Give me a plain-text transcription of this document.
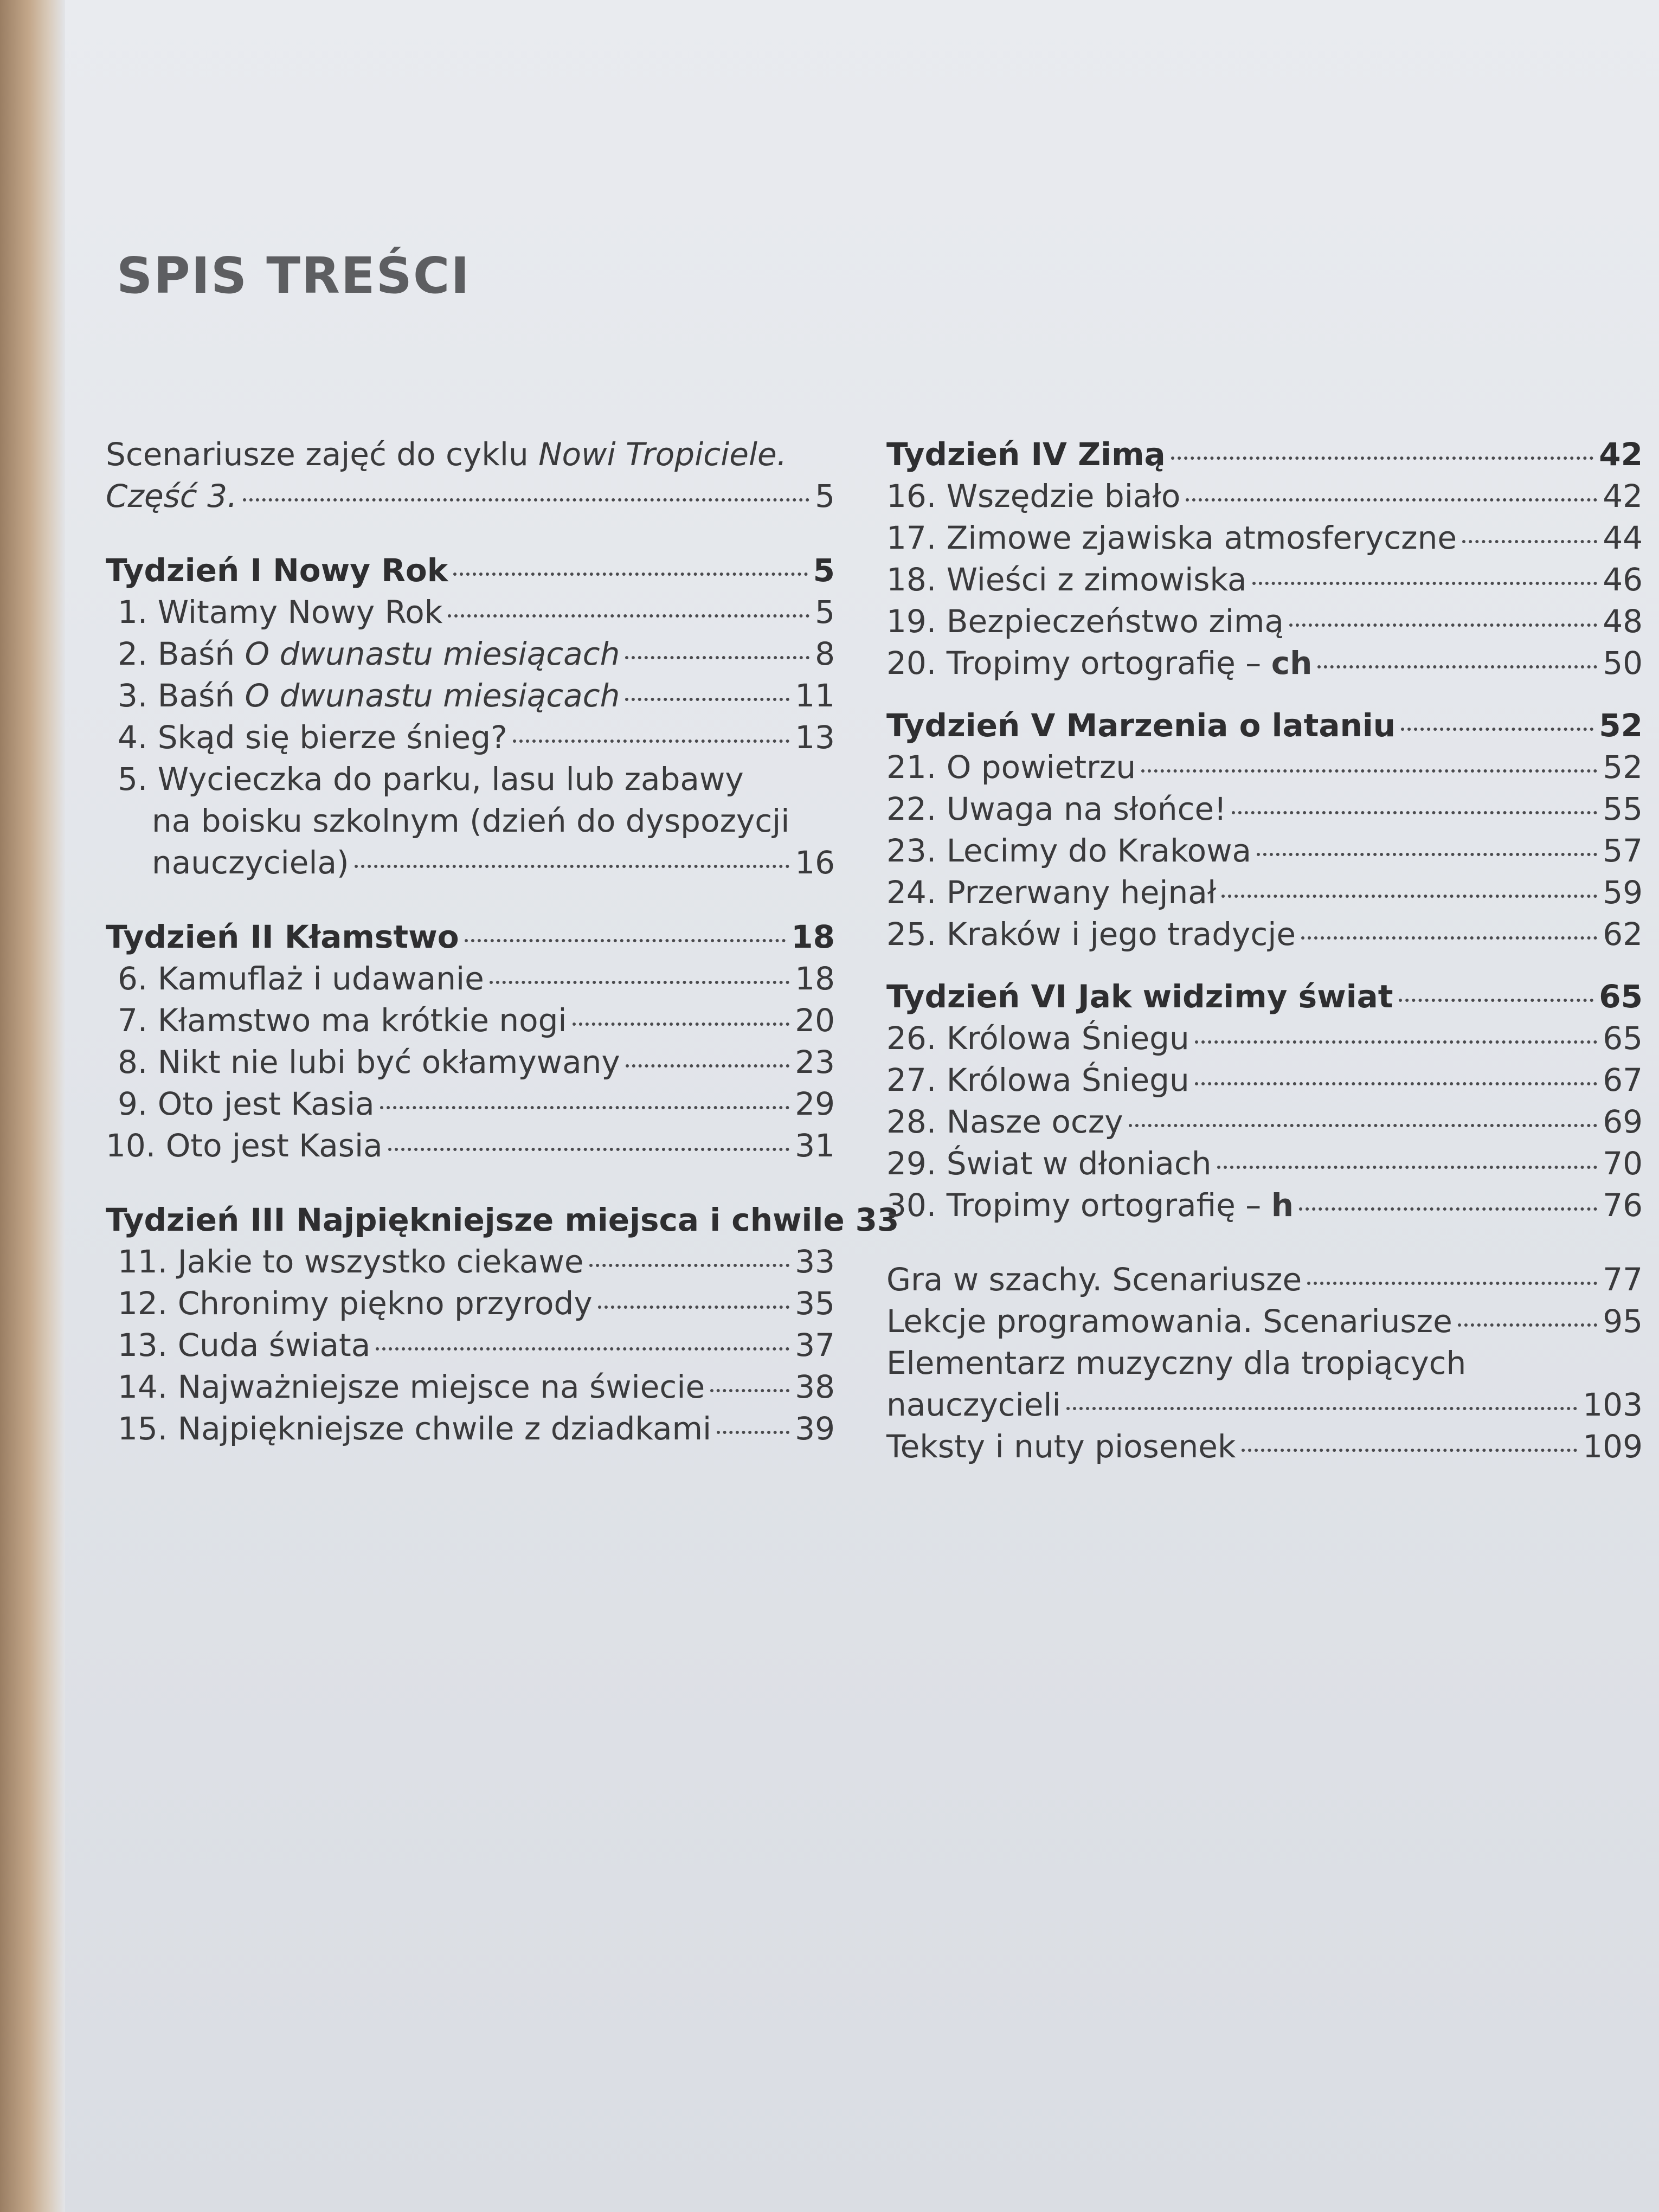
SPIS TREŚCI
Scenariusze zajęć do cyklu Nowi Tropiciele.
Część 3.	5
Tydzień I Nowy Rok	5
1. Witamy Nowy Rok	5
2. Baśń O dwunastu miesiącach	8
3. Baśń O dwunastu miesiącach	11
4. Skąd się bierze śnieg?	13
5. Wycieczka do parku, lasu lub zabawy
na boisku szkolnym (dzień do dyspozycji
nauczyciela)	16
Tydzień II Kłamstwo	18
6. Kamuflaż i udawanie	18
7. Kłamstwo ma krótkie nogi	20
8. Nikt nie lubi być okłamywany	23
9. Oto jest Kasia	29
10. Oto jest Kasia	31
Tydzień III Najpiękniejsze miejsca i chwile 33
11. Jakie to wszystko ciekawe	33
12. Chronimy piękno przyrody	35
13. Cuda świata	37
14. Najważniejsze miejsce na świecie	38
15. Najpiękniejsze chwile z dziadkami	39
Tydzień IV Zimą	42
16. Wszędzie biało	42
17. Zimowe zjawiska atmosferyczne	44
18. Wieści z zimowiska	46
19. Bezpieczeństwo zimą	48
20. Tropimy ortografię – ch	50
Tydzień V Marzenia o lataniu	52
21. O powietrzu	52
22. Uwaga na słońce!	55
23. Lecimy do Krakowa	57
24. Przerwany hejnał	59
25. Kraków i jego tradycje	62
Tydzień VI Jak widzimy świat	65
26. Królowa Śniegu	65
27. Królowa Śniegu	67
28. Nasze oczy	69
29. Świat w dłoniach	70
30. Tropimy ortografię – h	76
Gra w szachy. Scenariusze	77
Lekcje programowania. Scenariusze	95
Elementarz muzyczny dla tropiących
nauczycieli	103
Teksty i nuty piosenek	109
